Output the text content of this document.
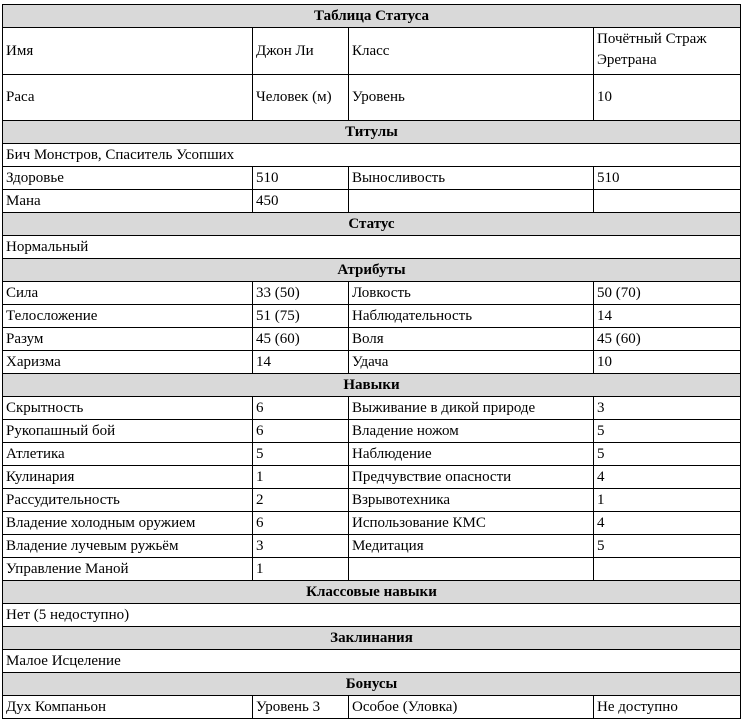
Таблица Статуса			
Имя	Джон Ли	Класс	Почётный Страж Эретрана
Раса	Человек (м)	Уровень	10
Титулы			
Бич Монстров, Спаситель Усопших			
Здоровье	510	Выносливость	510
Мана	450		
Статус			
Нормальный			
Атрибуты			
Сила	33 (50)	Ловкость	50 (70)
Телосложение	51 (75)	Наблюдательность	14
Разум	45 (60)	Воля	45 (60)
Харизма	14	Удача	10
Навыки			
Скрытность	6	Выживание в дикой природе	3
Рукопашный бой	6	Владение ножом	5
Атлетика	5	Наблюдение	5
Кулинария	1	Предчувствие опасности	4
Рассудительность	2	Взрывотехника	1
Владение холодным оружием	6	Использование КМС	4
Владение лучевым ружьём	3	Медитация	5
Управление Маной	1		
Классовые навыки			
Нет (5 недоступно)			
Заклинания			
Малое Исцеление			
Бонусы			
Дух Компаньон	Уровень 3	Особое (Уловка)	Не доступно
